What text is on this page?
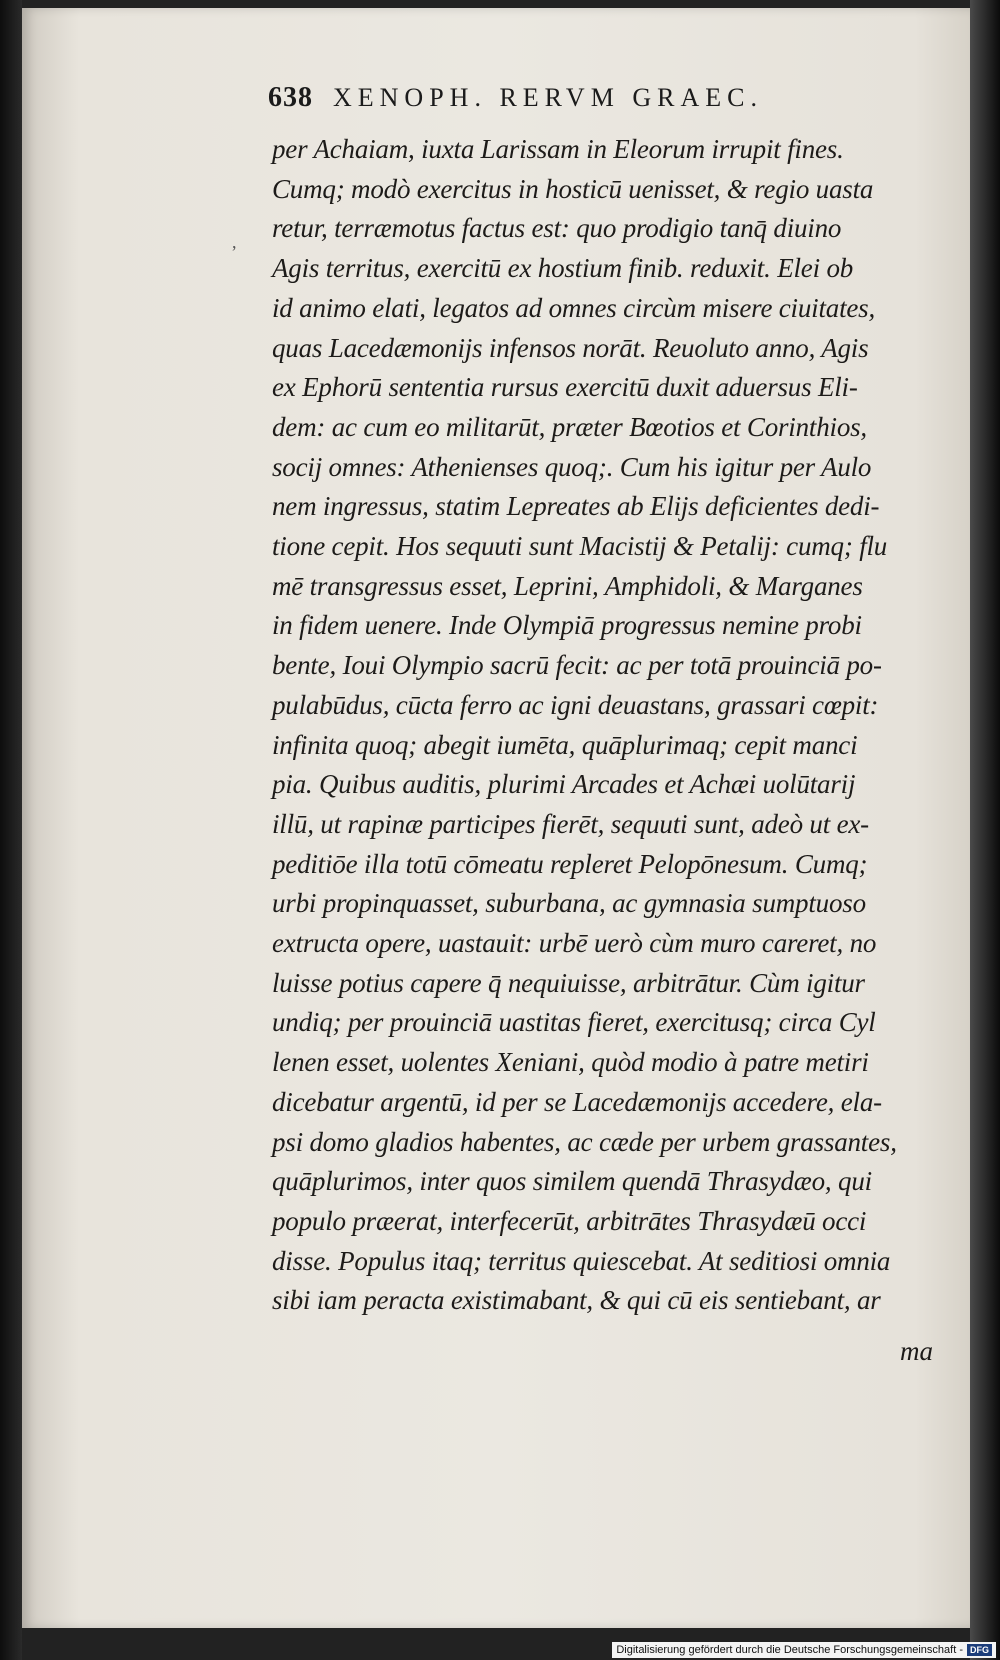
638 XENOPH. RERVM GRAEC.
,
per Achaiam, iuxta Larissam in Eleorum irrupit fines.
Cumq; modò exercitus in hosticū uenisset, & regio uasta
retur, terræmotus factus est: quo prodigio tanq̄ diuino
Agis territus, exercitū ex hostium finib. reduxit. Elei ob
id animo elati, legatos ad omnes circùm misere ciuitates,
quas Lacedæmonijs infensos norāt. Reuoluto anno, Agis
ex Ephorū sententia rursus exercitū duxit aduersus Eli-
dem: ac cum eo militarūt, præter Bœotios et Corinthios,
socij omnes: Athenienses quoq;. Cum his igitur per Aulo
nem ingressus, statim Lepreates ab Elijs deficientes dedi-
tione cepit. Hos sequuti sunt Macistij & Petalij: cumq; flu
mē transgressus esset, Leprini, Amphidoli, & Marganes
in fidem uenere. Inde Olympiā progressus nemine probi
bente, Ioui Olympio sacrū fecit: ac per totā prouinciā po-
pulabūdus, cūcta ferro ac igni deuastans, grassari cœpit:
infinita quoq; abegit iumēta, quāplurimaq; cepit manci
pia. Quibus auditis, plurimi Arcades et Achæi uolūtarij
illū, ut rapinæ participes fierēt, sequuti sunt, adeò ut ex-
peditiōe illa totū cōmeatu repleret Pelopōnesum. Cumq;
urbi propinquasset, suburbana, ac gymnasia sumptuoso
extructa opere, uastauit: urbē uerò cùm muro careret, no
luisse potius capere q̄ nequiuisse, arbitrātur. Cùm igitur
undiq; per prouinciā uastitas fieret, exercitusq; circa Cyl
lenen esset, uolentes Xeniani, quòd modio à patre metiri
dicebatur argentū, id per se Lacedæmonijs accedere, ela-
psi domo gladios habentes, ac cæde per urbem grassantes,
quāplurimos, inter quos similem quendā Thrasydæo, qui
populo præerat, interfecerūt, arbitrātes Thrasydæū occi
disse. Populus itaq; territus quiescebat. At seditiosi omnia
sibi iam peracta existimabant, & qui cū eis sentiebant, ar
ma
Digitalisierung gefördert durch die Deutsche Forschungsgemeinschaft - DFG
